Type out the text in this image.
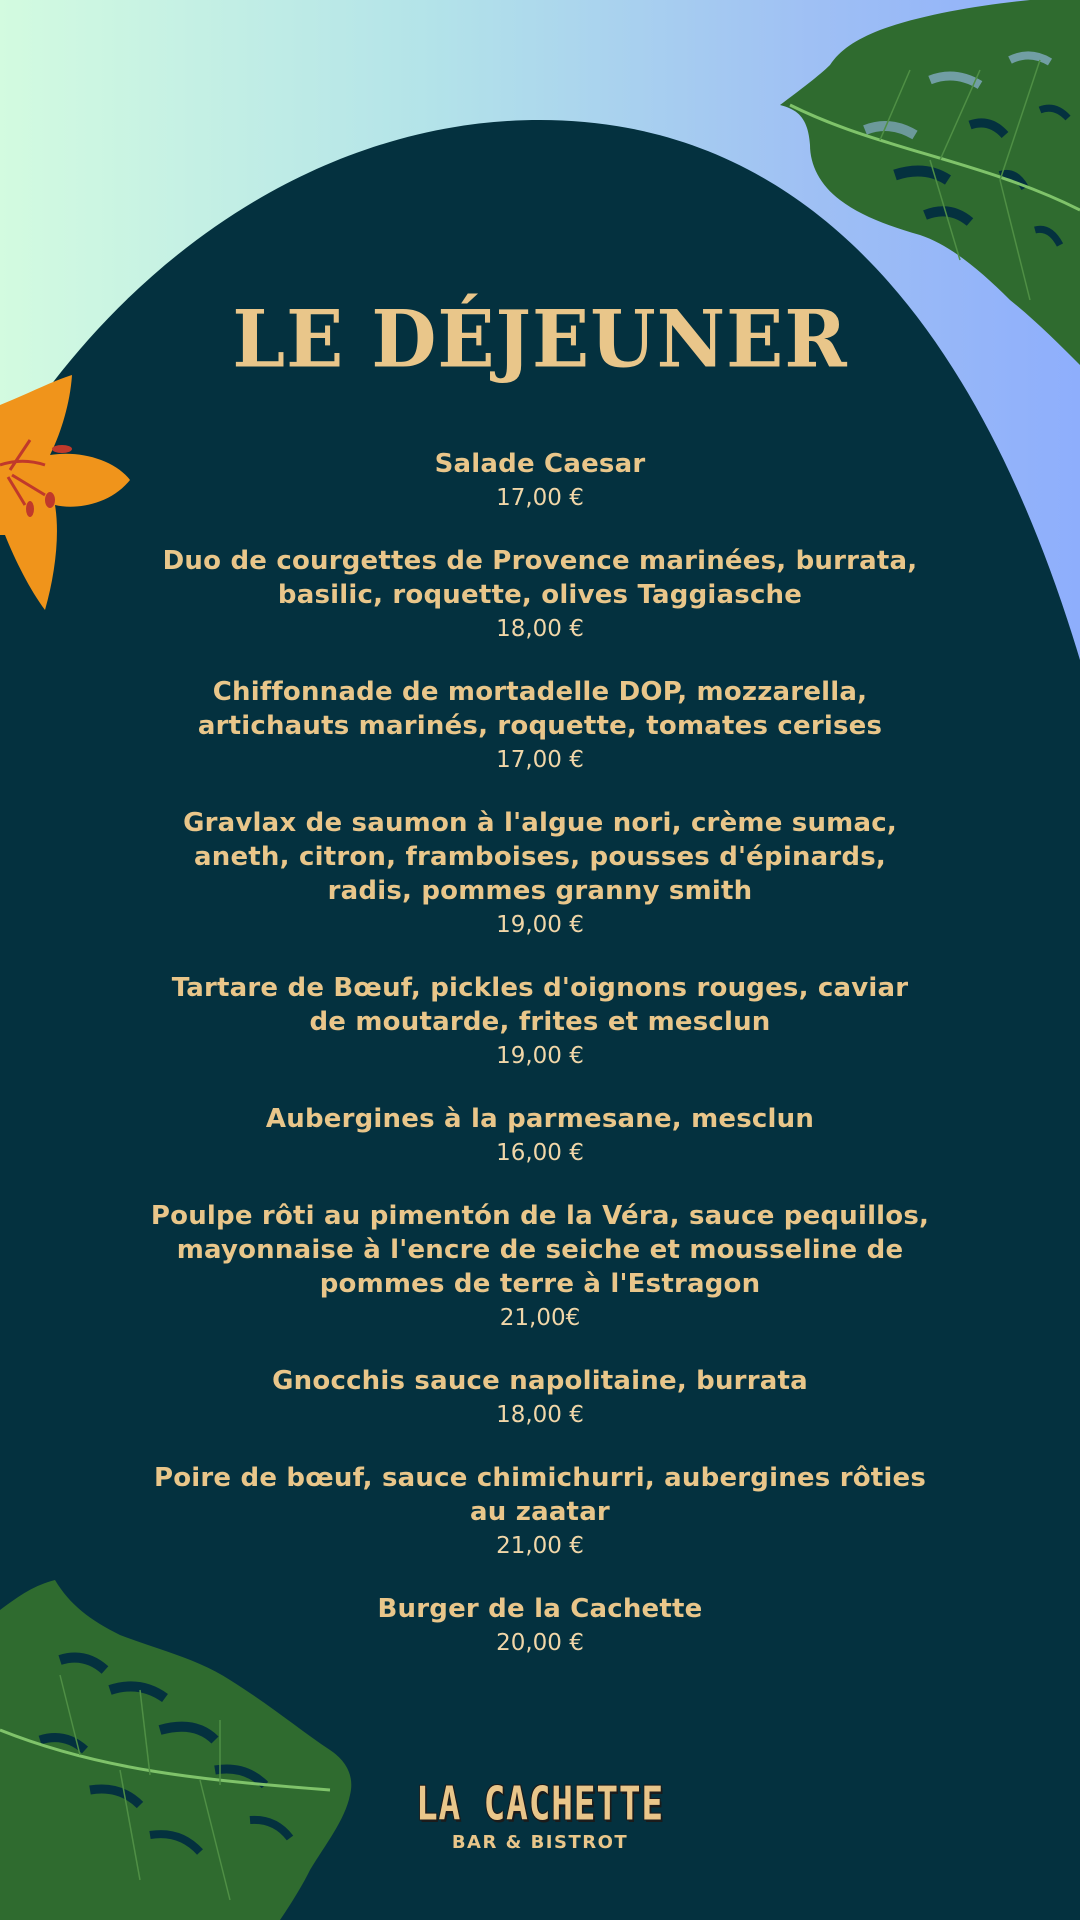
LE DÉJEUNER
Salade Caesar
17,00 €
Duo de courgettes de Provence marinées, burrata, basilic, roquette, olives Taggiasche
18,00 €
Chiffonnade de mortadelle DOP, mozzarella, artichauts marinés, roquette, tomates cerises
17,00 €
Gravlax de saumon à l'algue nori, crème sumac, aneth, citron, framboises, pousses d'épinards, radis, pommes granny smith
19,00 €
Tartare de Bœuf, pickles d'oignons rouges, caviar de moutarde, frites et mesclun
19,00 €
Aubergines à la parmesane, mesclun
16,00 €
Poulpe rôti au pimentón de la Véra, sauce pequillos, mayonnaise à l'encre de seiche et mousseline de pommes de terre à l'Estragon
21,00€
Gnocchis sauce napolitaine, burrata
18,00 €
Poire de bœuf, sauce chimichurri, aubergines rôties au zaatar
21,00 €
Burger de la Cachette
20,00 €
LA CACHETTE
BAR & BISTROT
